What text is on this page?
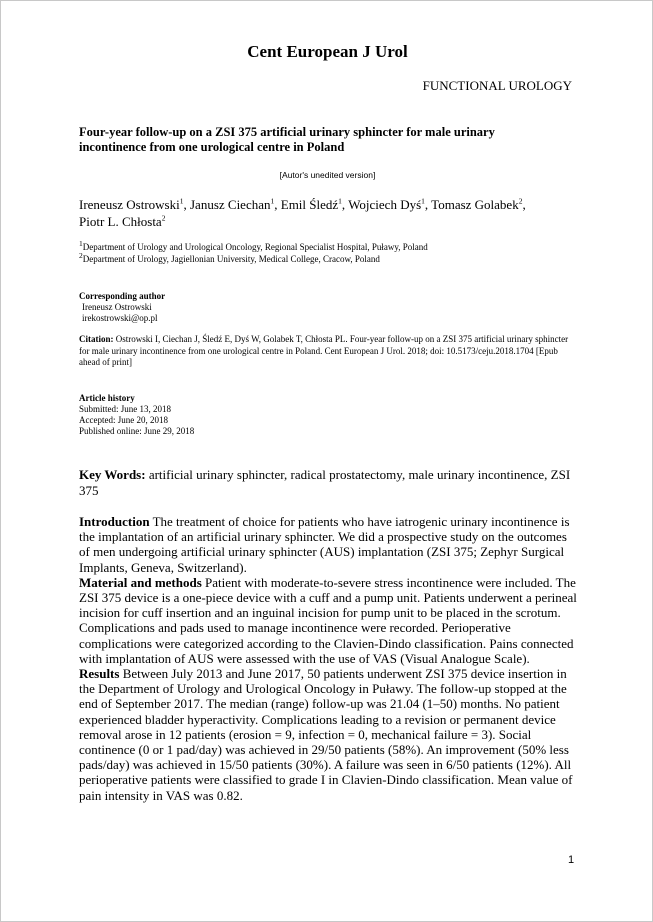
Cent European J Urol
FUNCTIONAL UROLOGY
Four-year follow-up on a ZSI 375 artificial urinary sphincter for male urinary incontinence from one urological centre in Poland
[Autor's unedited version]
Ireneusz Ostrowski$^1$, Janusz Ciechan$^1$, Emil Śledź$^1$, Wojciech Dyś$^1$, Tomasz Golabek$^2$,
Piotr L. Chłosta$^2$
$^1$Department of Urology and Urological Oncology, Regional Specialist Hospital, Puławy, Poland
$^2$Department of Urology, Jagiellonian University, Medical College, Cracow, Poland
Corresponding author
Ireneusz Ostrowski
irekostrowski@op.pl
Citation: Ostrowski I, Ciechan J, Śledź E, Dyś W, Golabek T, Chłosta PL. Four-year follow-up on a ZSI 375 artificial urinary sphincter for male urinary incontinence from one urological centre in Poland. Cent European J Urol. 2018; doi: 10.5173/ceju.2018.1704 [Epub ahead of print]
Article history
Submitted: June 13, 2018
Accepted: June 20, 2018
Published online: June 29, 2018
Key Words: artificial urinary sphincter, radical prostatectomy, male urinary incontinence, ZSI 375

Introduction The treatment of choice for patients who have iatrogenic urinary incontinence is the implantation of an artificial urinary sphincter. We did a prospective study on the outcomes of men undergoing artificial urinary sphincter (AUS) implantation (ZSI 375; Zephyr Surgical Implants, Geneva, Switzerland).

Material and methods Patient with moderate-to-severe stress incontinence were included. The ZSI 375 device is a one-piece device with a cuff and a pump unit. Patients underwent a perineal incision for cuff insertion and an inguinal incision for pump unit to be placed in the scrotum. Complications and pads used to manage incontinence were recorded. Perioperative complications were categorized according to the Clavien-Dindo classification. Pains connected with implantation of AUS were assessed with the use of VAS (Visual Analogue Scale).

Results Between July 2013 and June 2017, 50 patients underwent ZSI 375 device insertion in the Department of Urology and Urological Oncology in Puławy. The follow-up stopped at the end of September 2017. The median (range) follow-up was 21.04 (1–50) months. No patient experienced bladder hyperactivity. Complications leading to a revision or permanent device removal arose in 12 patients (erosion = 9, infection = 0, mechanical failure = 3). Social continence (0 or 1 pad/day) was achieved in 29/50 patients (58%). An improvement (50% less pads/day) was achieved in 15/50 patients (30%). A failure was seen in 6/50 patients (12%). All perioperative patients were classified to grade I in Clavien-Dindo classification. Mean value of pain intensity in VAS was 0.82.

1
